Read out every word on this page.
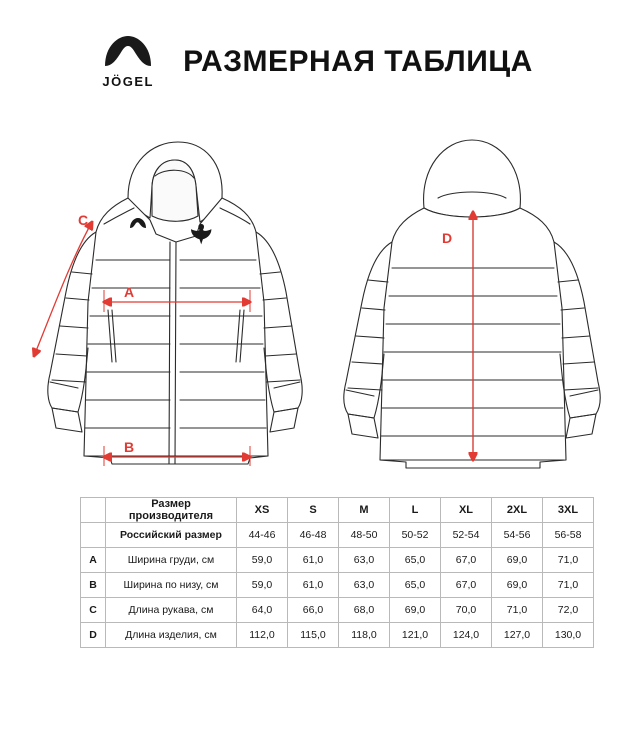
JÖGEL
РАЗМЕРНАЯ ТАБЛИЦА
A
B
C
D
	Размер производителя	XS	S	M	L	XL	2XL	3XL
	Российский размер	44-46	46-48	48-50	50-52	52-54	54-56	56-58
A	Ширина груди, см	59,0	61,0	63,0	65,0	67,0	69,0	71,0
B	Ширина по низу, см	59,0	61,0	63,0	65,0	67,0	69,0	71,0
C	Длина рукава, см	64,0	66,0	68,0	69,0	70,0	71,0	72,0
D	Длина изделия, см	112,0	115,0	118,0	121,0	124,0	127,0	130,0
